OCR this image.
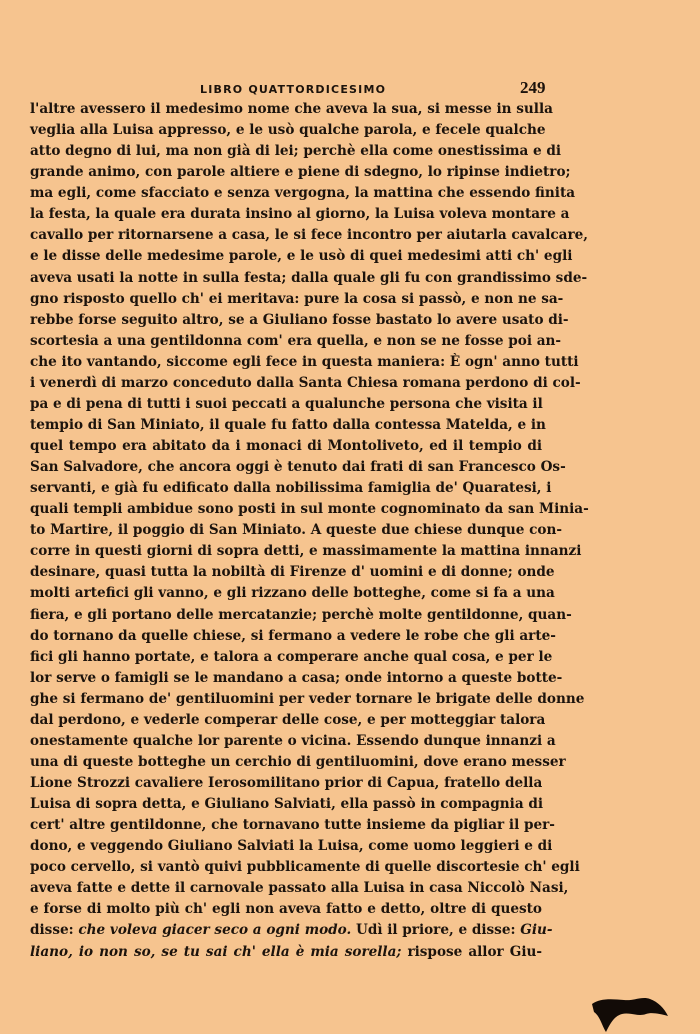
LIBRO QUATTORDICESIMO	249
l'altre avessero il medesimo nome che aveva la sua, si messe in sulla
veglia alla Luisa appresso, e le usò qualche parola, e fecele qualche
atto degno di lui, ma non già di lei; perchè ella come onestissima e di
grande animo, con parole altiere e piene di sdegno, lo ripinse indietro;
ma egli, come sfacciato e senza vergogna, la mattina che essendo finita
la festa, la quale era durata insino al giorno, la Luisa voleva montare a
cavallo per ritornarsene a casa, le si fece incontro per aiutarla cavalcare,
e le disse delle medesime parole, e le usò di quei medesimi atti ch' egli
aveva usati la notte in sulla festa; dalla quale gli fu con grandissimo sde-
gno risposto quello ch' ei meritava: pure la cosa si passò, e non ne sa-
rebbe forse seguito altro, se a Giuliano fosse bastato lo avere usato di-
scortesia a una gentildonna com' era quella, e non se ne fosse poi an-
che ito vantando, siccome egli fece in questa maniera: È ogn' anno tutti
i venerdì di marzo conceduto dalla Santa Chiesa romana perdono di col-
pa e di pena di tutti i suoi peccati a qualunche persona che visita il
tempio di San Miniato, il quale fu fatto dalla contessa Matelda, e in
quel tempo era abitato da i monaci di Montoliveto, ed il tempio di
San Salvadore, che ancora oggi è tenuto dai frati di san Francesco Os-
servanti, e già fu edificato dalla nobilissima famiglia de' Quaratesi, i
quali templi ambidue sono posti in sul monte cognominato da san Minia-
to Martire, il poggio di San Miniato. A queste due chiese dunque con-
corre in questi giorni di sopra detti, e massimamente la mattina innanzi
desinare, quasi tutta la nobiltà di Firenze d' uomini e di donne; onde
molti artefici gli vanno, e gli rizzano delle botteghe, come si fa a una
fiera, e gli portano delle mercatanzie; perchè molte gentildonne, quan-
do tornano da quelle chiese, si fermano a vedere le robe che gli arte-
fici gli hanno portate, e talora a comperare anche qual cosa, e per le
lor serve o famigli se le mandano a casa; onde intorno a queste botte-
ghe si fermano de' gentiluomini per veder tornare le brigate delle donne
dal perdono, e vederle comperar delle cose, e per motteggiar talora
onestamente qualche lor parente o vicina. Essendo dunque innanzi a
una di queste botteghe un cerchio di gentiluomini, dove erano messer
Lione Strozzi cavaliere Ierosomilitano prior di Capua, fratello della
Luisa di sopra detta, e Giuliano Salviati, ella passò in compagnia di
cert' altre gentildonne, che tornavano tutte insieme da pigliar il per-
dono, e veggendo Giuliano Salviati la Luisa, come uomo leggieri e di
poco cervello, si vantò quivi pubblicamente di quelle discortesie ch' egli
aveva fatte e dette il carnovale passato alla Luisa in casa Niccolò Nasi,
e forse di molto più ch' egli non aveva fatto e detto, oltre di questo
disse: che voleva giacer seco a ogni modo. Udì il priore, e disse: Giu-
liano, io non so, se tu sai ch' ella è mia sorella; rispose allor Giu-
